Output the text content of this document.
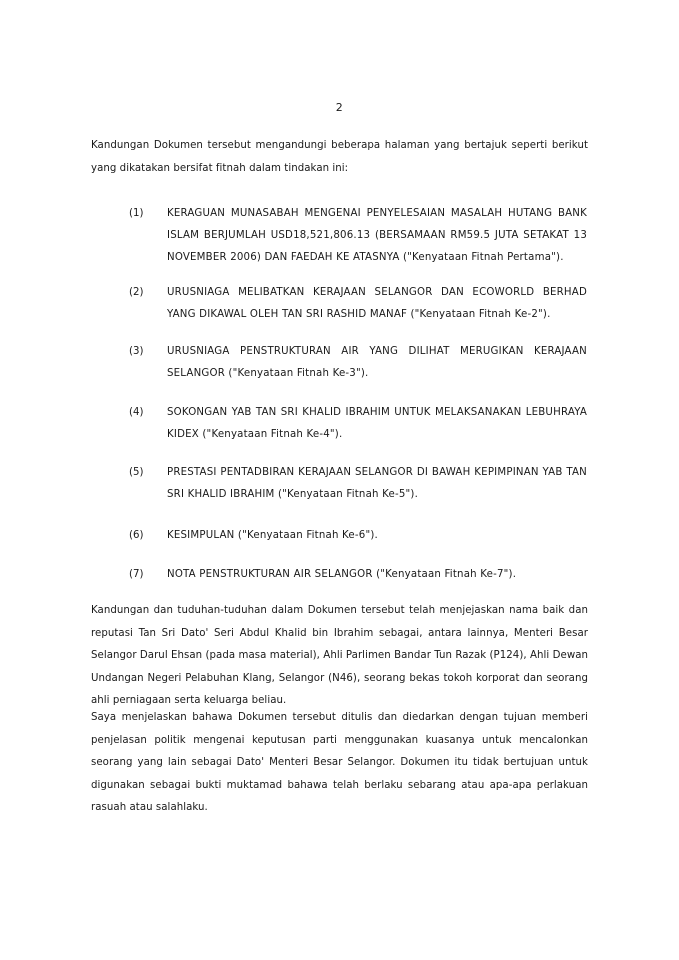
2
Kandungan Dokumen tersebut mengandungi beberapa halaman yang bertajuk seperti berikut yang dikatakan bersifat fitnah dalam tindakan ini:
(1) KERAGUAN MUNASABAH MENGENAI PENYELESAIAN MASALAH HUTANG BANK ISLAM BERJUMLAH USD18,521,806.13 (BERSAMAAN RM59.5 JUTA SETAKAT 13 NOVEMBER 2006) DAN FAEDAH KE ATASNYA ("Kenyataan Fitnah Pertama").
(2) URUSNIAGA MELIBATKAN KERAJAAN SELANGOR DAN ECOWORLD BERHAD YANG DIKAWAL OLEH TAN SRI RASHID MANAF ("Kenyataan Fitnah Ke-2").
(3) URUSNIAGA PENSTRUKTURAN AIR YANG DILIHAT MERUGIKAN KERAJAAN SELANGOR ("Kenyataan Fitnah Ke-3").
(4) SOKONGAN YAB TAN SRI KHALID IBRAHIM UNTUK MELAKSANAKAN LEBUHRAYA KIDEX ("Kenyataan Fitnah Ke-4").
(5) PRESTASI PENTADBIRAN KERAJAAN SELANGOR DI BAWAH KEPIMPINAN YAB TAN SRI KHALID IBRAHIM ("Kenyataan Fitnah Ke-5").
(6) KESIMPULAN ("Kenyataan Fitnah Ke-6").
(7) NOTA PENSTRUKTURAN AIR SELANGOR ("Kenyataan Fitnah Ke-7").
Kandungan dan tuduhan-tuduhan dalam Dokumen tersebut telah menjejaskan nama baik dan reputasi Tan Sri Dato' Seri Abdul Khalid bin Ibrahim sebagai, antara lainnya, Menteri Besar Selangor Darul Ehsan (pada masa material), Ahli Parlimen Bandar Tun Razak (P124), Ahli Dewan Undangan Negeri Pelabuhan Klang, Selangor (N46), seorang bekas tokoh korporat dan seorang ahli perniagaan serta keluarga beliau.
Saya menjelaskan bahawa Dokumen tersebut ditulis dan diedarkan dengan tujuan memberi penjelasan politik mengenai keputusan parti menggunakan kuasanya untuk mencalonkan seorang yang lain sebagai Dato' Menteri Besar Selangor. Dokumen itu tidak bertujuan untuk digunakan sebagai bukti muktamad bahawa telah berlaku sebarang atau apa-apa perlakuan rasuah atau salahlaku.
